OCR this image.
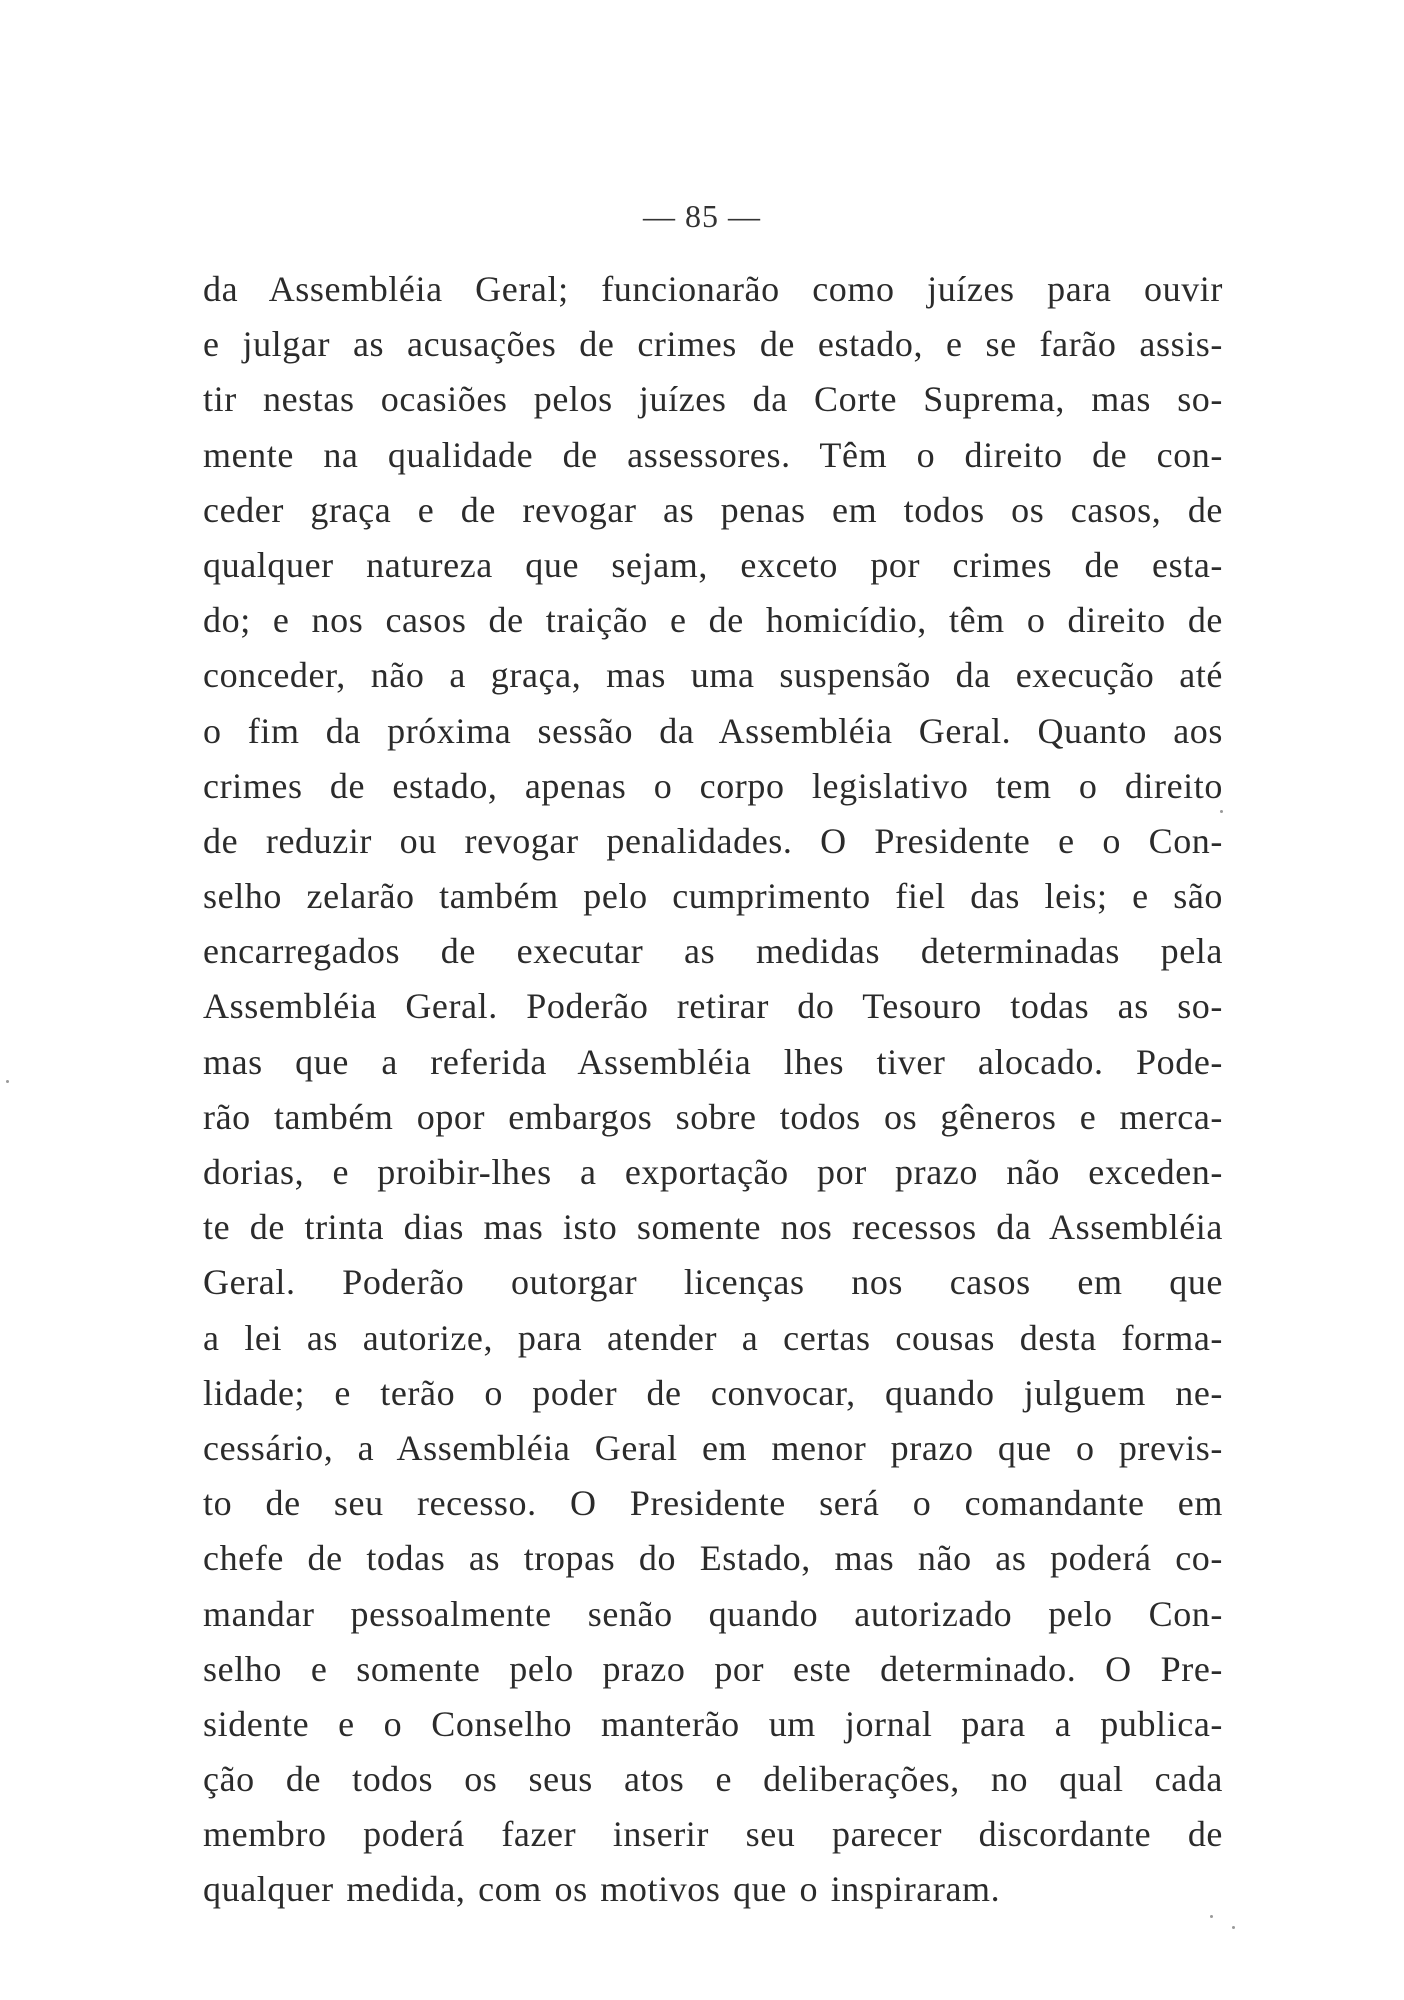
— 85 —
da Assembléia Geral; funcionarão como juízes para ouvir
e julgar as acusações de crimes de estado, e se farão assis-
tir nestas ocasiões pelos juízes da Corte Suprema, mas so-
mente na qualidade de assessores. Têm o direito de con-
ceder graça e de revogar as penas em todos os casos, de
qualquer natureza que sejam, exceto por crimes de esta-
do; e nos casos de traição e de homicídio, têm o direito de
conceder, não a graça, mas uma suspensão da execução até
o fim da próxima sessão da Assembléia Geral. Quanto aos
crimes de estado, apenas o corpo legislativo tem o direito
de reduzir ou revogar penalidades. O Presidente e o Con-
selho zelarão também pelo cumprimento fiel das leis; e são
encarregados de executar as medidas determinadas pela
Assembléia Geral. Poderão retirar do Tesouro todas as so-
mas que a referida Assembléia lhes tiver alocado. Pode-
rão também opor embargos sobre todos os gêneros e merca-
dorias, e proibir-lhes a exportação por prazo não exceden-
te de trinta dias mas isto somente nos recessos da Assembléia
Geral. Poderão outorgar licenças nos casos em que
a lei as autorize, para atender a certas cousas desta forma-
lidade; e terão o poder de convocar, quando julguem ne-
cessário, a Assembléia Geral em menor prazo que o previs-
to de seu recesso. O Presidente será o comandante em
chefe de todas as tropas do Estado, mas não as poderá co-
mandar pessoalmente senão quando autorizado pelo Con-
selho e somente pelo prazo por este determinado. O Pre-
sidente e o Conselho manterão um jornal para a publica-
ção de todos os seus atos e deliberações, no qual cada
membro poderá fazer inserir seu parecer discordante de
qualquer medida, com os motivos que o inspiraram.
